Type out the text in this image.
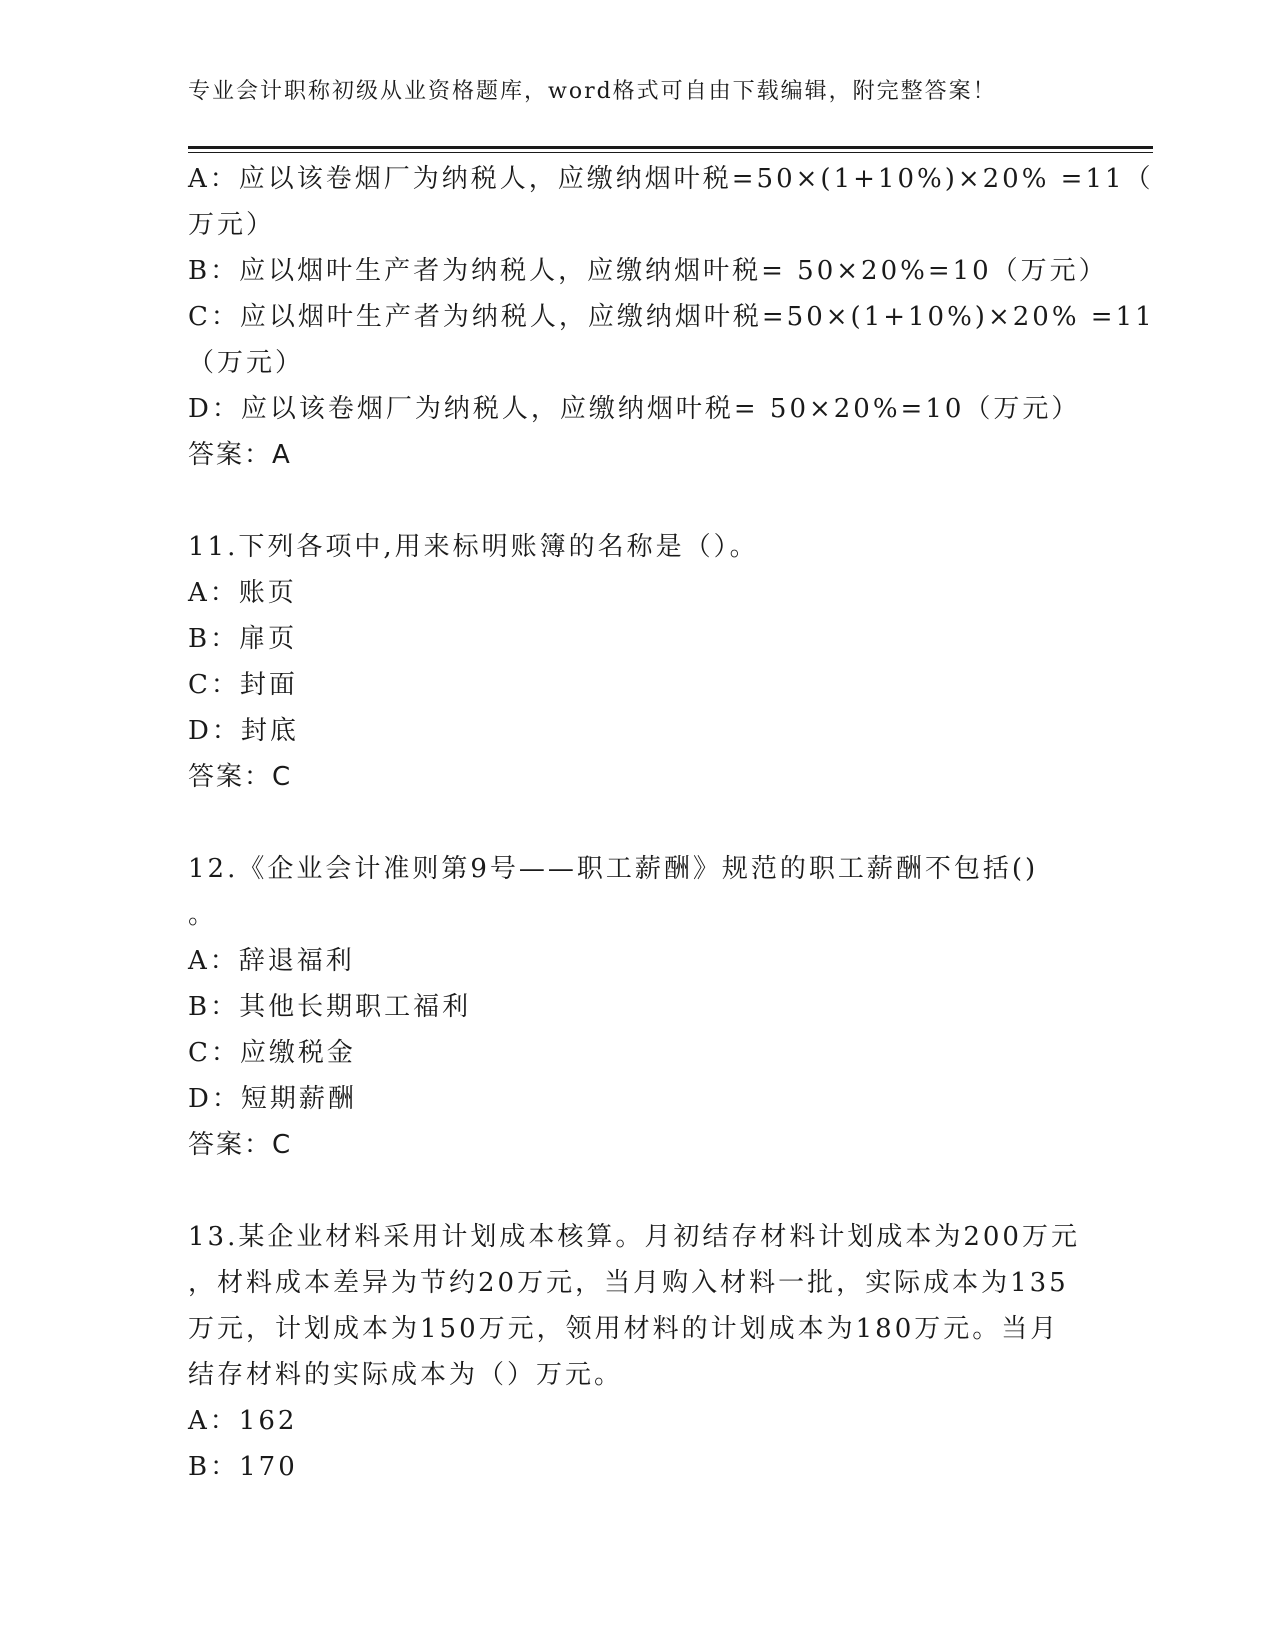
专业会计职称初级从业资格题库，word格式可自由下载编辑，附完整答案！
A：应以该卷烟厂为纳税人，应缴纳烟叶税=50×(1+10%)×20% =11（
万元）
B：应以烟叶生产者为纳税人，应缴纳烟叶税= 50×20%=10（万元）
C：应以烟叶生产者为纳税人，应缴纳烟叶税=50×(1+10%)×20% =11
（万元）
D：应以该卷烟厂为纳税人，应缴纳烟叶税= 50×20%=10（万元）
答案：A
11.下列各项中,用来标明账簿的名称是（）。
A：账页
B：扉页
C：封面
D：封底
答案：C
12.《企业会计准则第9号——职工薪酬》规范的职工薪酬不包括()
。
A：辞退福利
B：其他长期职工福利
C：应缴税金
D：短期薪酬
答案：C
13.某企业材料采用计划成本核算。月初结存材料计划成本为200万元
，材料成本差异为节约20万元，当月购入材料一批，实际成本为135
万元，计划成本为150万元，领用材料的计划成本为180万元。当月
结存材料的实际成本为（）万元。
A：162
B：170
